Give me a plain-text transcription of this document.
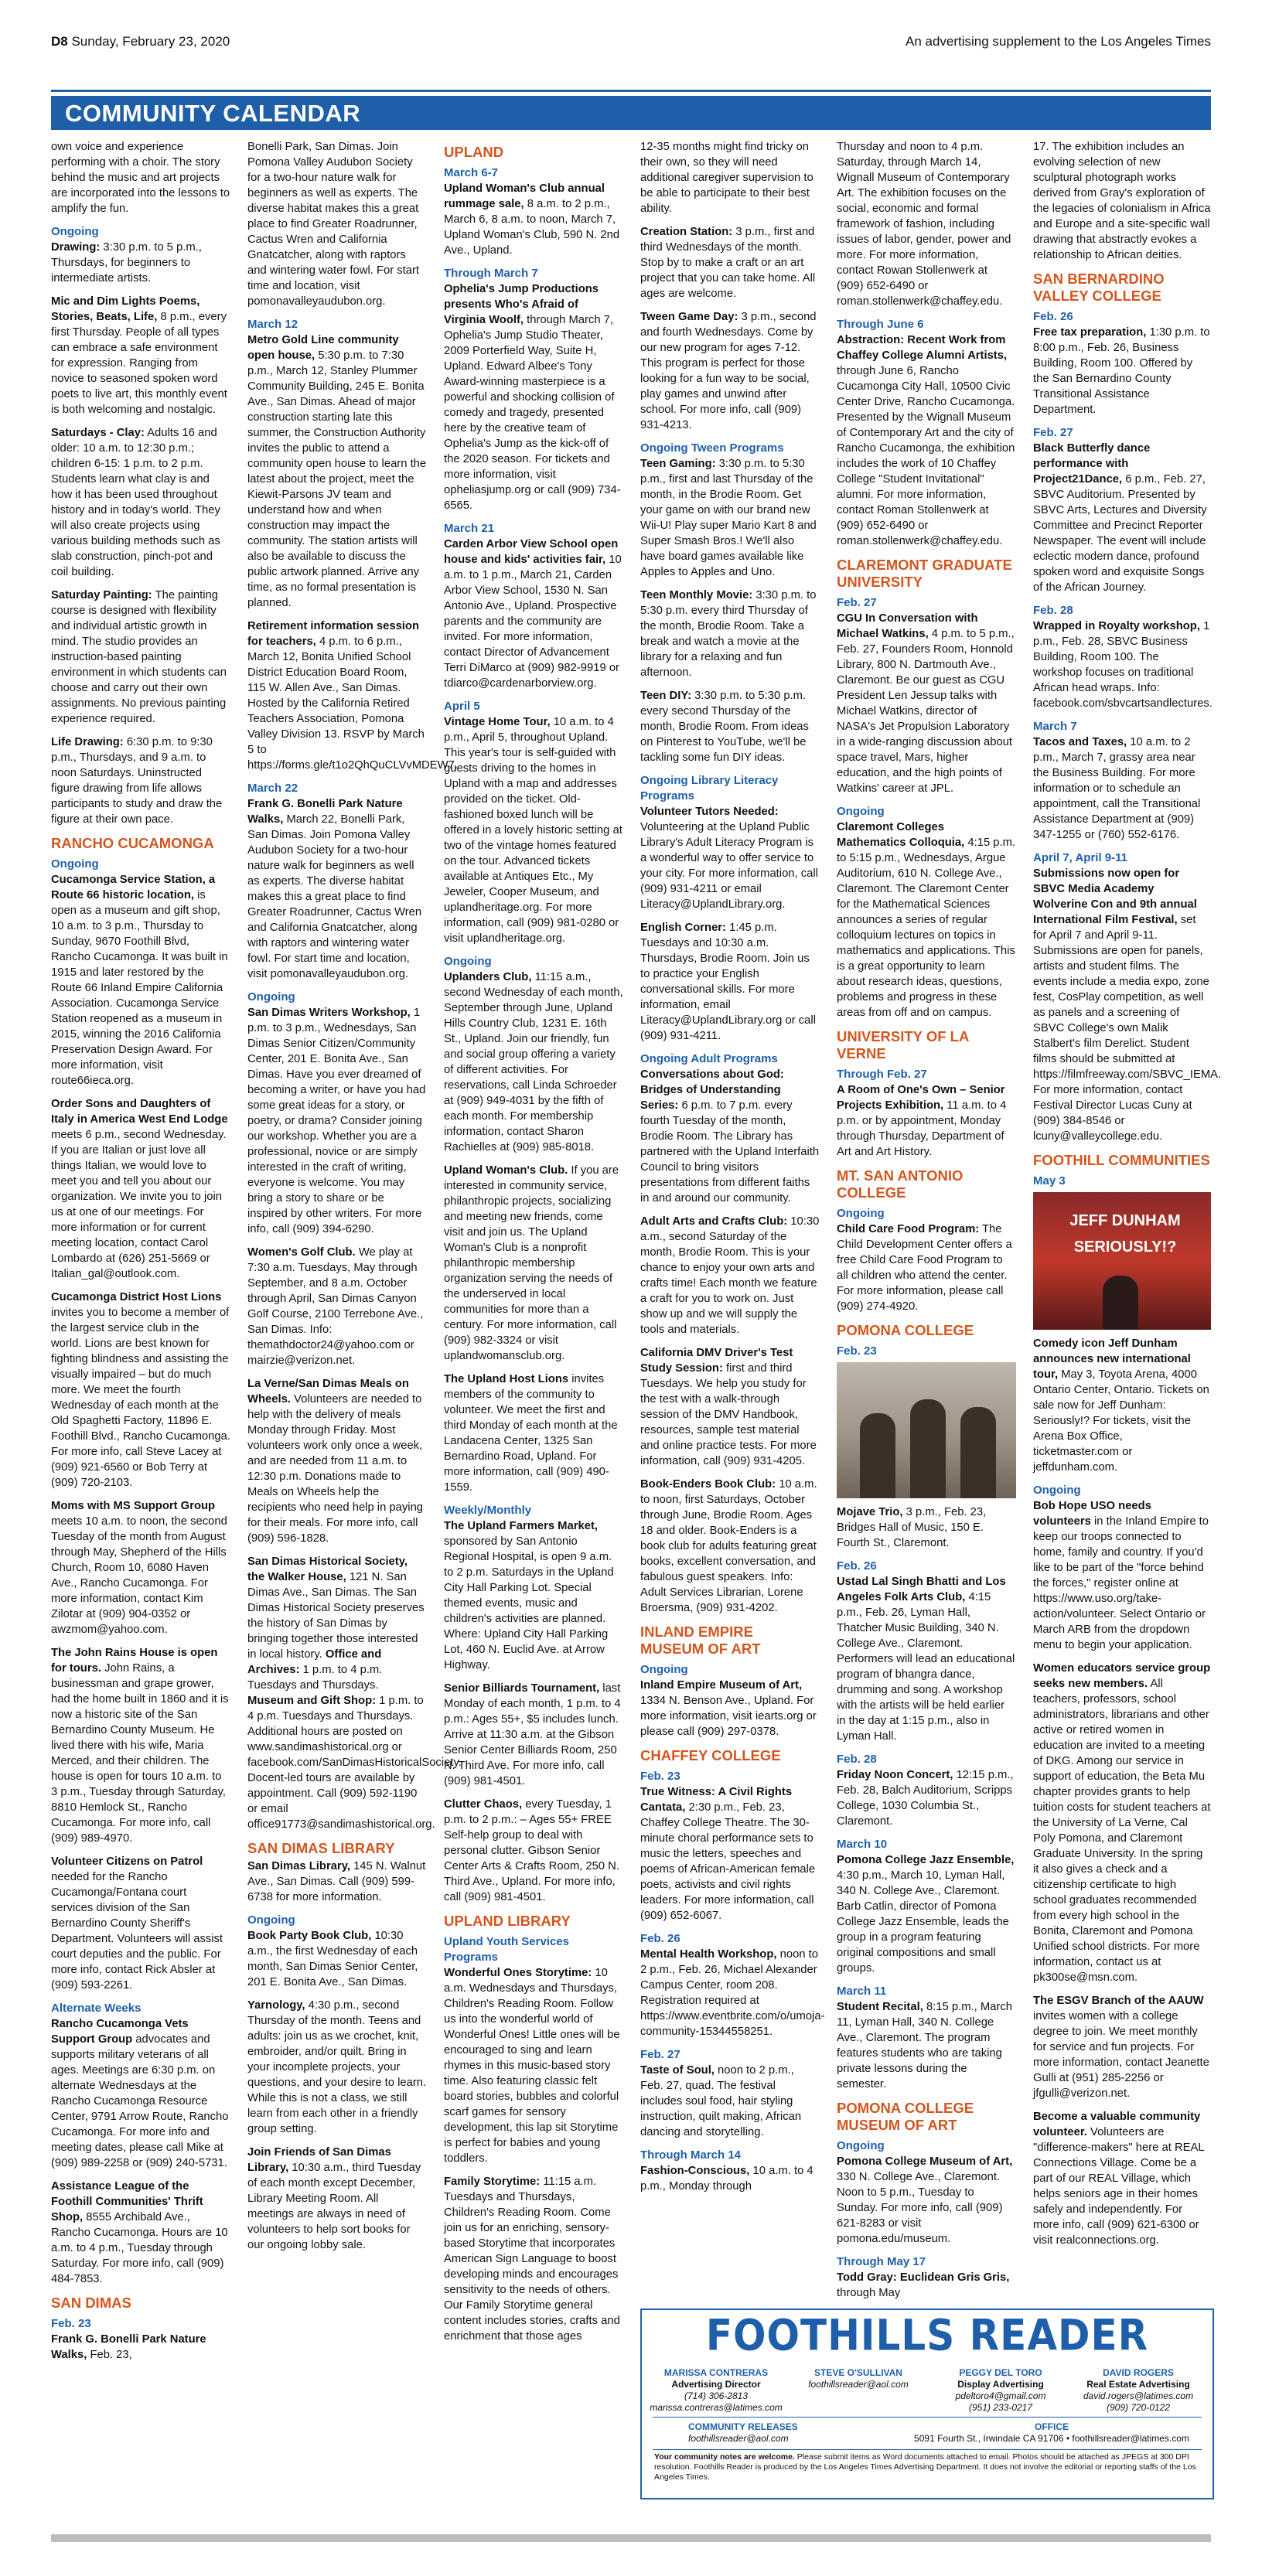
D8 Sunday, February 23, 2020	An advertising supplement to the Los Angeles Times
COMMUNITY CALENDAR

own voice and experience performing with a choir. The story behind the music and art projects are incorporated into the lessons to amplify the fun.

Ongoing

Drawing: 3:30 p.m. to 5 p.m., Thursdays, for beginners to intermediate artists.

Mic and Dim Lights Poems, Stories, Beats, Life, 8 p.m., every first Thursday. People of all types can embrace a safe environment for expression. Ranging from novice to seasoned spoken word poets to live art, this monthly event is both welcoming and nostalgic.

Saturdays - Clay: Adults 16 and older: 10 a.m. to 12:30 p.m.; children 6-15: 1 p.m. to 2 p.m. Students learn what clay is and how it has been used throughout history and in today's world. They will also create projects using various building methods such as slab construction, pinch-pot and coil building.

Saturday Painting: The painting course is designed with flexibility and individual artistic growth in mind. The studio provides an instruction-based painting environment in which students can choose and carry out their own assignments. No previous painting experience required.

Life Drawing: 6:30 p.m. to 9:30 p.m., Thursdays, and 9 a.m. to noon Saturdays. Uninstructed figure drawing from life allows participants to study and draw the figure at their own pace.

RANCHO CUCAMONGA
Ongoing

Cucamonga Service Station, a Route 66 historic location, is open as a museum and gift shop, 10 a.m. to 3 p.m., Thursday to Sunday, 9670 Foothill Blvd, Rancho Cucamonga. It was built in 1915 and later restored by the Route 66 Inland Empire California Association. Cucamonga Service Station reopened as a museum in 2015, winning the 2016 California Preservation Design Award. For more information, visit route66ieca.org.

Order Sons and Daughters of Italy in America West End Lodge meets 6 p.m., second Wednesday. If you are Italian or just love all things Italian, we would love to meet you and tell you about our organization. We invite you to join us at one of our meetings. For more information or for current meeting location, contact Carol Lombardo at (626) 251-5669 or Italian_gal@outlook.com.

Cucamonga District Host Lions invites you to become a member of the largest service club in the world. Lions are best known for fighting blindness and assisting the visually impaired – but do much more. We meet the fourth Wednesday of each month at the Old Spaghetti Factory, 11896 E. Foothill Blvd., Rancho Cucamonga. For more info, call Steve Lacey at (909) 921-6560 or Bob Terry at (909) 720-2103.

Moms with MS Support Group meets 10 a.m. to noon, the second Tuesday of the month from August through May, Shepherd of the Hills Church, Room 10, 6080 Haven Ave., Rancho Cucamonga. For more information, contact Kim Zilotar at (909) 904-0352 or awzmom@yahoo.com.

The John Rains House is open for tours. John Rains, a businessman and grape grower, had the home built in 1860 and it is now a historic site of the San Bernardino County Museum. He lived there with his wife, Maria Merced, and their children. The house is open for tours 10 a.m. to 3 p.m., Tuesday through Saturday, 8810 Hemlock St., Rancho Cucamonga. For more info, call (909) 989-4970.

Volunteer Citizens on Patrol needed for the Rancho Cucamonga/Fontana court services division of the San Bernardino County Sheriff's Department. Volunteers will assist court deputies and the public. For more info, contact Rick Absler at (909) 593-2261.

Alternate Weeks

Rancho Cucamonga Vets Support Group advocates and supports military veterans of all ages. Meetings are 6:30 p.m. on alternate Wednesdays at the Rancho Cucamonga Resource Center, 9791 Arrow Route, Rancho Cucamonga. For more info and meeting dates, please call Mike at (909) 989-2258 or (909) 240-5731.

Assistance League of the Foothill Communities' Thrift Shop, 8555 Archibald Ave., Rancho Cucamonga. Hours are 10 a.m. to 4 p.m., Tuesday through Saturday. For more info, call (909) 484-7853.

SAN DIMAS
Feb. 23

Frank G. Bonelli Park Nature Walks, Feb. 23,

Bonelli Park, San Dimas. Join Pomona Valley Audubon Society for a two-hour nature walk for beginners as well as experts. The diverse habitat makes this a great place to find Greater Roadrunner, Cactus Wren and California Gnatcatcher, along with raptors and wintering water fowl. For start time and location, visit pomonavalleyaudubon.org.

March 12

Metro Gold Line community open house, 5:30 p.m. to 7:30 p.m., March 12, Stanley Plummer Community Building, 245 E. Bonita Ave., San Dimas. Ahead of major construction starting late this summer, the Construction Authority invites the public to attend a community open house to learn the latest about the project, meet the Kiewit-Parsons JV team and understand how and when construction may impact the community. The station artists will also be available to discuss the public artwork planned. Arrive any time, as no formal presentation is planned.

Retirement information session for teachers, 4 p.m. to 6 p.m., March 12, Bonita Unified School District Education Board Room, 115 W. Allen Ave., San Dimas. Hosted by the California Retired Teachers Association, Pomona Valley Division 13. RSVP by March 5 to https://forms.gle/t1o2QhQuCLVvMDEW7.

March 22

Frank G. Bonelli Park Nature Walks, March 22, Bonelli Park, San Dimas. Join Pomona Valley Audubon Society for a two-hour nature walk for beginners as well as experts. The diverse habitat makes this a great place to find Greater Roadrunner, Cactus Wren and California Gnatcatcher, along with raptors and wintering water fowl. For start time and location, visit pomonavalleyaudubon.org.

Ongoing

San Dimas Writers Workshop, 1 p.m. to 3 p.m., Wednesdays, San Dimas Senior Citizen/Community Center, 201 E. Bonita Ave., San Dimas. Have you ever dreamed of becoming a writer, or have you had some great ideas for a story, or poetry, or drama? Consider joining our workshop. Whether you are a professional, novice or are simply interested in the craft of writing, everyone is welcome. You may bring a story to share or be inspired by other writers. For more info, call (909) 394-6290.

Women's Golf Club. We play at 7:30 a.m. Tuesdays, May through September, and 8 a.m. October through April, San Dimas Canyon Golf Course, 2100 Terrebone Ave., San Dimas. Info: themathdoctor24@yahoo.com or mairzie@verizon.net.

La Verne/San Dimas Meals on Wheels. Volunteers are needed to help with the delivery of meals Monday through Friday. Most volunteers work only once a week, and are needed from 11 a.m. to 12:30 p.m. Donations made to Meals on Wheels help the recipients who need help in paying for their meals. For more info, call (909) 596-1828.

San Dimas Historical Society, the Walker House, 121 N. San Dimas Ave., San Dimas. The San Dimas Historical Society preserves the history of San Dimas by bringing together those interested in local history. Office and Archives: 1 p.m. to 4 p.m. Tuesdays and Thursdays. Museum and Gift Shop: 1 p.m. to 4 p.m. Tuesdays and Thursdays. Additional hours are posted on www.sandimashistorical.org or facebook.com/SanDimasHistoricalSociety. Docent-led tours are available by appointment. Call (909) 592-1190 or email office91773@sandimashistorical.org.

SAN DIMAS LIBRARY

San Dimas Library, 145 N. Walnut Ave., San Dimas. Call (909) 599-6738 for more information.

Ongoing

Book Party Book Club, 10:30 a.m., the first Wednesday of each month, San Dimas Senior Center, 201 E. Bonita Ave., San Dimas.

Yarnology, 4:30 p.m., second Thursday of the month. Teens and adults: join us as we crochet, knit, embroider, and/or quilt. Bring in your incomplete projects, your questions, and your desire to learn. While this is not a class, we still learn from each other in a friendly group setting.

Join Friends of San Dimas Library, 10:30 a.m., third Tuesday of each month except December, Library Meeting Room. All meetings are always in need of volunteers to help sort books for our ongoing lobby sale.

UPLAND
March 6-7

Upland Woman's Club annual rummage sale, 8 a.m. to 2 p.m., March 6, 8 a.m. to noon, March 7, Upland Woman's Club, 590 N. 2nd Ave., Upland.

Through March 7

Ophelia's Jump Productions presents Who's Afraid of Virginia Woolf, through March 7, Ophelia's Jump Studio Theater, 2009 Porterfield Way, Suite H, Upland. Edward Albee's Tony Award-winning masterpiece is a powerful and shocking collision of comedy and tragedy, presented here by the creative team of Ophelia's Jump as the kick-off of the 2020 season. For tickets and more information, visit opheliasjump.org or call (909) 734-6565.

March 21

Carden Arbor View School open house and kids' activities fair, 10 a.m. to 1 p.m., March 21, Carden Arbor View School, 1530 N. San Antonio Ave., Upland. Prospective parents and the community are invited. For more information, contact Director of Advancement Terri DiMarco at (909) 982-9919 or tdiarco@cardenarborview.org.

April 5

Vintage Home Tour, 10 a.m. to 4 p.m., April 5, throughout Upland. This year's tour is self-guided with guests driving to the homes in Upland with a map and addresses provided on the ticket. Old-fashioned boxed lunch will be offered in a lovely historic setting at two of the vintage homes featured on the tour. Advanced tickets available at Antiques Etc., My Jeweler, Cooper Museum, and uplandheritage.org. For more information, call (909) 981-0280 or visit uplandheritage.org.

Ongoing

Uplanders Club, 11:15 a.m., second Wednesday of each month, September through June, Upland Hills Country Club, 1231 E. 16th St., Upland. Join our friendly, fun and social group offering a variety of different activities. For reservations, call Linda Schroeder at (909) 949-4031 by the fifth of each month. For membership information, contact Sharon Rachielles at (909) 985-8018.

Upland Woman's Club. If you are interested in community service, philanthropic projects, socializing and meeting new friends, come visit and join us. The Upland Woman's Club is a nonprofit philanthropic membership organization serving the needs of the underserved in local communities for more than a century. For more information, call (909) 982-3324 or visit uplandwomansclub.org.

The Upland Host Lions invites members of the community to volunteer. We meet the first and third Monday of each month at the Landacena Center, 1325 San Bernardino Road, Upland. For more information, call (909) 490-1559.

Weekly/Monthly

The Upland Farmers Market, sponsored by San Antonio Regional Hospital, is open 9 a.m. to 2 p.m. Saturdays in the Upland City Hall Parking Lot. Special themed events, music and children's activities are planned. Where: Upland City Hall Parking Lot, 460 N. Euclid Ave. at Arrow Highway.

Senior Billiards Tournament, last Monday of each month, 1 p.m. to 4 p.m.: Ages 55+, $5 includes lunch. Arrive at 11:30 a.m. at the Gibson Senior Center Billiards Room, 250 N. Third Ave. For more info, call (909) 981-4501.

Clutter Chaos, every Tuesday, 1 p.m. to 2 p.m.: – Ages 55+ FREE Self-help group to deal with personal clutter. Gibson Senior Center Arts & Crafts Room, 250 N. Third Ave., Upland. For more info, call (909) 981-4501.

UPLAND LIBRARY
Upland Youth Services Programs

Wonderful Ones Storytime: 10 a.m. Wednesdays and Thursdays, Children's Reading Room. Follow us into the wonderful world of Wonderful Ones! Little ones will be encouraged to sing and learn rhymes in this music-based story time. Also featuring classic felt board stories, bubbles and colorful scarf games for sensory development, this lap sit Storytime is perfect for babies and young toddlers.

Family Storytime: 11:15 a.m. Tuesdays and Thursdays, Children's Reading Room. Come join us for an enriching, sensory-based Storytime that incorporates American Sign Language to boost developing minds and encourages sensitivity to the needs of others. Our Family Storytime general content includes stories, crafts and enrichment that those ages

12-35 months might find tricky on their own, so they will need additional caregiver supervision to be able to participate to their best ability.

Creation Station: 3 p.m., first and third Wednesdays of the month. Stop by to make a craft or an art project that you can take home. All ages are welcome.

Tween Game Day: 3 p.m., second and fourth Wednesdays. Come by our new program for ages 7-12. This program is perfect for those looking for a fun way to be social, play games and unwind after school. For more info, call (909) 931-4213.

Ongoing Tween Programs

Teen Gaming: 3:30 p.m. to 5:30 p.m., first and last Thursday of the month, in the Brodie Room. Get your game on with our brand new Wii-U! Play super Mario Kart 8 and Super Smash Bros.! We'll also have board games available like Apples to Apples and Uno.

Teen Monthly Movie: 3:30 p.m. to 5:30 p.m. every third Thursday of the month, Brodie Room. Take a break and watch a movie at the library for a relaxing and fun afternoon.

Teen DIY: 3:30 p.m. to 5:30 p.m. every second Thursday of the month, Brodie Room. From ideas on Pinterest to YouTube, we'll be tackling some fun DIY ideas.

Ongoing Library Literacy Programs

Volunteer Tutors Needed: Volunteering at the Upland Public Library's Adult Literacy Program is a wonderful way to offer service to your city. For more information, call (909) 931-4211 or email Literacy@UplandLibrary.org.

English Corner: 1:45 p.m. Tuesdays and 10:30 a.m. Thursdays, Brodie Room. Join us to practice your English conversational skills. For more information, email Literacy@UplandLibrary.org or call (909) 931-4211.

Ongoing Adult Programs

Conversations about God: Bridges of Understanding Series: 6 p.m. to 7 p.m. every fourth Tuesday of the month, Brodie Room. The Library has partnered with the Upland Interfaith Council to bring visitors presentations from different faiths in and around our community.

Adult Arts and Crafts Club: 10:30 a.m., second Saturday of the month, Brodie Room. This is your chance to enjoy your own arts and crafts time! Each month we feature a craft for you to work on. Just show up and we will supply the tools and materials.

California DMV Driver's Test Study Session: first and third Tuesdays. We help you study for the test with a walk-through session of the DMV Handbook, resources, sample test material and online practice tests. For more information, call (909) 931-4205.

Book-Enders Book Club: 10 a.m. to noon, first Saturdays, October through June, Brodie Room. Ages 18 and older. Book-Enders is a book club for adults featuring great books, excellent conversation, and fabulous guest speakers. Info: Adult Services Librarian, Lorene Broersma, (909) 931-4202.

INLAND EMPIRE MUSEUM OF ART
Ongoing

Inland Empire Museum of Art, 1334 N. Benson Ave., Upland. For more information, visit iearts.org or please call (909) 297-0378.

CHAFFEY COLLEGE
Feb. 23

True Witness: A Civil Rights Cantata, 2:30 p.m., Feb. 23, Chaffey College Theatre. The 30-minute choral performance sets to music the letters, speeches and poems of African-American female poets, activists and civil rights leaders. For more information, call (909) 652-6067.

Feb. 26

Mental Health Workshop, noon to 2 p.m., Feb. 26, Michael Alexander Campus Center, room 208. Registration required at https://www.eventbrite.com/o/umoja-community-15344558251.

Feb. 27

Taste of Soul, noon to 2 p.m., Feb. 27, quad. The festival includes soul food, hair styling instruction, quilt making, African dancing and storytelling.

Through March 14

Fashion-Conscious, 10 a.m. to 4 p.m., Monday through

Thursday and noon to 4 p.m. Saturday, through March 14, Wignall Museum of Contemporary Art. The exhibition focuses on the social, economic and formal framework of fashion, including issues of labor, gender, power and more. For more information, contact Rowan Stollenwerk at (909) 652-6490 or roman.stollenwerk@chaffey.edu.

Through June 6

Abstraction: Recent Work from Chaffey College Alumni Artists, through June 6, Rancho Cucamonga City Hall, 10500 Civic Center Drive, Rancho Cucamonga. Presented by the Wignall Museum of Contemporary Art and the city of Rancho Cucamonga, the exhibition includes the work of 10 Chaffey College "Student Invitational" alumni. For more information, contact Roman Stollenwerk at (909) 652-6490 or roman.stollenwerk@chaffey.edu.

CLAREMONT GRADUATE UNIVERSITY
Feb. 27

CGU In Conversation with Michael Watkins, 4 p.m. to 5 p.m., Feb. 27, Founders Room, Honnold Library, 800 N. Dartmouth Ave., Claremont. Be our guest as CGU President Len Jessup talks with Michael Watkins, director of NASA's Jet Propulsion Laboratory in a wide-ranging discussion about space travel, Mars, higher education, and the high points of Watkins' career at JPL.

Ongoing

Claremont Colleges Mathematics Colloquia, 4:15 p.m. to 5:15 p.m., Wednesdays, Argue Auditorium, 610 N. College Ave., Claremont. The Claremont Center for the Mathematical Sciences announces a series of regular colloquium lectures on topics in mathematics and applications. This is a great opportunity to learn about research ideas, questions, problems and progress in these areas from off and on campus.

UNIVERSITY OF LA VERNE
Through Feb. 27

A Room of One's Own – Senior Projects Exhibition, 11 a.m. to 4 p.m. or by appointment, Monday through Thursday, Department of Art and Art History.

MT. SAN ANTONIO COLLEGE
Ongoing

Child Care Food Program: The Child Development Center offers a free Child Care Food Program to all children who attend the center. For more information, please call (909) 274-4920.

POMONA COLLEGE
Feb. 23

Mojave Trio, 3 p.m., Feb. 23, Bridges Hall of Music, 150 E. Fourth St., Claremont.

Feb. 26

Ustad Lal Singh Bhatti and Los Angeles Folk Arts Club, 4:15 p.m., Feb. 26, Lyman Hall, Thatcher Music Building, 340 N. College Ave., Claremont. Performers will lead an educational program of bhangra dance, drumming and song. A workshop with the artists will be held earlier in the day at 1:15 p.m., also in Lyman Hall.

Feb. 28

Friday Noon Concert, 12:15 p.m., Feb. 28, Balch Auditorium, Scripps College, 1030 Columbia St., Claremont.

March 10

Pomona College Jazz Ensemble, 4:30 p.m., March 10, Lyman Hall, 340 N. College Ave., Claremont. Barb Catlin, director of Pomona College Jazz Ensemble, leads the group in a program featuring original compositions and small groups.

March 11

Student Recital, 8:15 p.m., March 11, Lyman Hall, 340 N. College Ave., Claremont. The program features students who are taking private lessons during the semester.

POMONA COLLEGE MUSEUM OF ART
Ongoing

Pomona College Museum of Art, 330 N. College Ave., Claremont. Noon to 5 p.m., Tuesday to Sunday. For more info, call (909) 621-8283 or visit pomona.edu/museum.

Through May 17

Todd Gray: Euclidean Gris Gris, through May

17. The exhibition includes an evolving selection of new sculptural photograph works derived from Gray's exploration of the legacies of colonialism in Africa and Europe and a site-specific wall drawing that abstractly evokes a relationship to African deities.

SAN BERNARDINO VALLEY COLLEGE
Feb. 26

Free tax preparation, 1:30 p.m. to 8:00 p.m., Feb. 26, Business Building, Room 100. Offered by the San Bernardino County Transitional Assistance Department.

Feb. 27

Black Butterfly dance performance with Project21Dance, 6 p.m., Feb. 27, SBVC Auditorium. Presented by SBVC Arts, Lectures and Diversity Committee and Precinct Reporter Newspaper. The event will include eclectic modern dance, profound spoken word and exquisite Songs of the African Journey.

Feb. 28

Wrapped in Royalty workshop, 1 p.m., Feb. 28, SBVC Business Building, Room 100. The workshop focuses on traditional African head wraps. Info: facebook.com/sbvcartsandlectures.

March 7

Tacos and Taxes, 10 a.m. to 2 p.m., March 7, grassy area near the Business Building. For more information or to schedule an appointment, call the Transitional Assistance Department at (909) 347-1255 or (760) 552-6176.

April 7, April 9-11

Submissions now open for SBVC Media Academy Wolverine Con and 9th annual International Film Festival, set for April 7 and April 9-11. Submissions are open for panels, artists and student films. The events include a media expo, zone fest, CosPlay competition, as well as panels and a screening of SBVC College's own Malik Stalbert's film Derelict. Student films should be submitted at https://filmfreeway.com/SBVC_IEMA. For more information, contact Festival Director Lucas Cuny at (909) 384-8546 or lcuny@valleycollege.edu.

FOOTHILL COMMUNITIES
May 3
JEFF DUNHAM SERIOUSLY!?

Comedy icon Jeff Dunham announces new international tour, May 3, Toyota Arena, 4000 Ontario Center, Ontario. Tickets on sale now for Jeff Dunham: Seriously!? For tickets, visit the Arena Box Office, ticketmaster.com or jeffdunham.com.

Ongoing

Bob Hope USO needs volunteers in the Inland Empire to keep our troops connected to home, family and country. If you'd like to be part of the "force behind the forces," register online at https://www.uso.org/take-action/volunteer. Select Ontario or March ARB from the dropdown menu to begin your application.

Women educators service group seeks new members. All teachers, professors, school administrators, librarians and other active or retired women in education are invited to a meeting of DKG. Among our service in support of education, the Beta Mu chapter provides grants to help tuition costs for student teachers at the University of La Verne, Cal Poly Pomona, and Claremont Graduate University. In the spring it also gives a check and a citizenship certificate to high school graduates recommended from every high school in the Bonita, Claremont and Pomona Unified school districts. For more information, contact us at pk300se@msn.com.

The ESGV Branch of the AAUW invites women with a college degree to join. We meet monthly for service and fun projects. For more information, contact Jeanette Gulli at (951) 285-2256 or jfgulli@verizon.net.

Become a valuable community volunteer. Volunteers are "difference-makers" here at REAL Connections Village. Come be a part of our REAL Village, which helps seniors age in their homes safely and independently. For more info, call (909) 621-6300 or visit realconnections.org.

FOOTHILLS READER
MARISSA CONTRERAS
Advertising Director
(714) 306-2813
marissa.contreras@latimes.com
STEVE O'SULLIVAN
foothillsreader@aol.com
PEGGY DEL TORO
Display Advertising
pdeltoro4@gmail.com
(951) 233-0217
DAVID ROGERS
Real Estate Advertising
david.rogers@latimes.com
(909) 720-0122
COMMUNITY RELEASES
foothillsreader@aol.com
OFFICE
5091 Fourth St., Irwindale CA 91706 • foothillsreader@latimes.com
Your community notes are welcome. Please submit items as Word documents attached to email. Photos should be attached as JPEGS at 300 DPI resolution. Foothills Reader is produced by the Los Angeles Times Advertising Department. It does not involve the editorial or reporting staffs of the Los Angeles Times.
